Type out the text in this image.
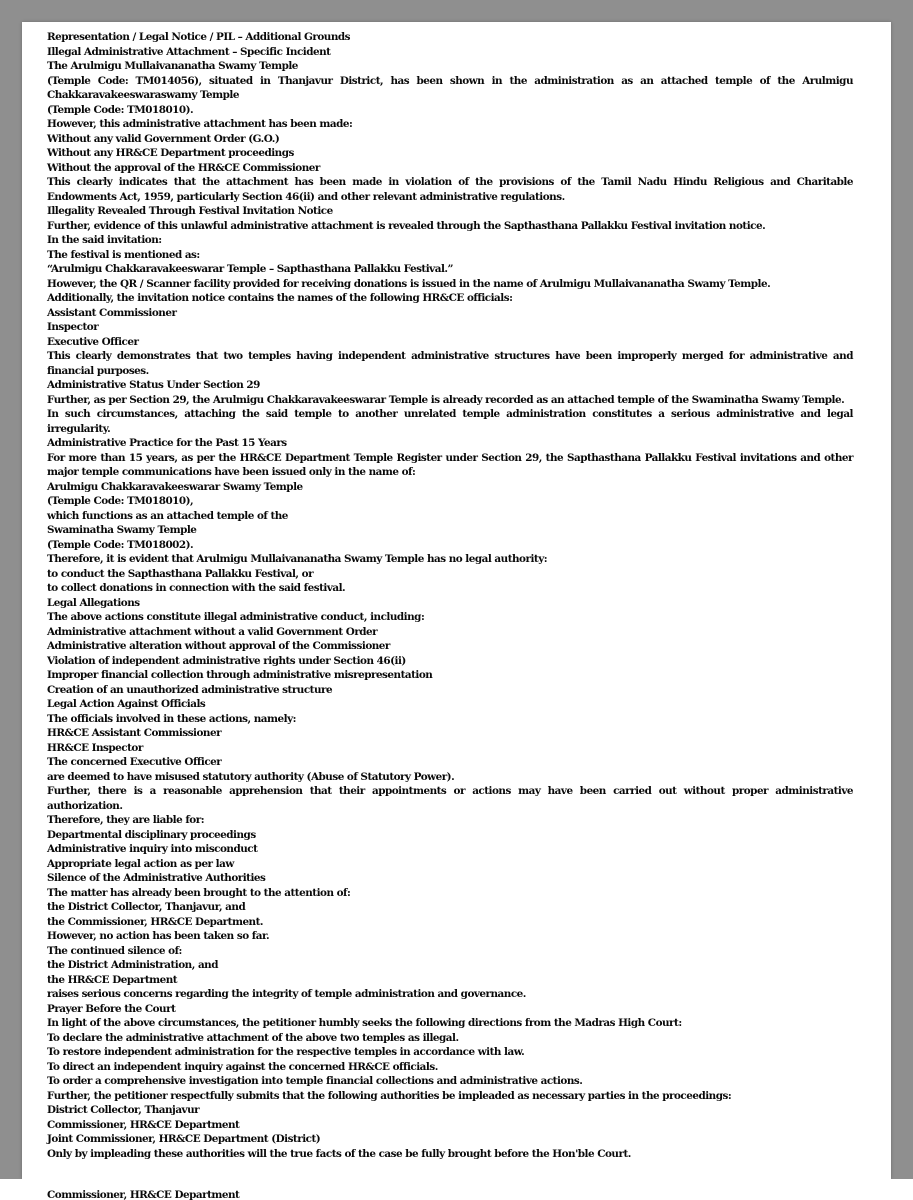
Representation / Legal Notice / PIL – Additional Grounds

Illegal Administrative Attachment – Specific Incident

The Arulmigu Mullaivananatha Swamy Temple

(Temple Code: TM014056), situated in Thanjavur District, has been shown in the administration as an attached temple of the Arulmigu Chakkaravakeeswaraswamy Temple

(Temple Code: TM018010).

However, this administrative attachment has been made:

Without any valid Government Order (G.O.)

Without any HR&CE Department proceedings

Without the approval of the HR&CE Commissioner

This clearly indicates that the attachment has been made in violation of the provisions of the Tamil Nadu Hindu Religious and Charitable Endowments Act, 1959, particularly Section 46(ii) and other relevant administrative regulations.

Illegality Revealed Through Festival Invitation Notice

Further, evidence of this unlawful administrative attachment is revealed through the Sapthasthana Pallakku Festival invitation notice.

In the said invitation:

The festival is mentioned as:

“Arulmigu Chakkaravakeeswarar Temple – Sapthasthana Pallakku Festival.”

However, the QR / Scanner facility provided for receiving donations is issued in the name of Arulmigu Mullaivananatha Swamy Temple.

Additionally, the invitation notice contains the names of the following HR&CE officials:

Assistant Commissioner

Inspector

Executive Officer

This clearly demonstrates that two temples having independent administrative structures have been improperly merged for administrative and financial purposes.

Administrative Status Under Section 29

Further, as per Section 29, the Arulmigu Chakkaravakeeswarar Temple is already recorded as an attached temple of the Swaminatha Swamy Temple.

In such circumstances, attaching the said temple to another unrelated temple administration constitutes a serious administrative and legal irregularity.

Administrative Practice for the Past 15 Years

For more than 15 years, as per the HR&CE Department Temple Register under Section 29, the Sapthasthana Pallakku Festival invitations and other major temple communications have been issued only in the name of:

Arulmigu Chakkaravakeeswarar Swamy Temple

(Temple Code: TM018010),

which functions as an attached temple of the

Swaminatha Swamy Temple

(Temple Code: TM018002).

Therefore, it is evident that Arulmigu Mullaivananatha Swamy Temple has no legal authority:

to conduct the Sapthasthana Pallakku Festival, or

to collect donations in connection with the said festival.

Legal Allegations

The above actions constitute illegal administrative conduct, including:

Administrative attachment without a valid Government Order

Administrative alteration without approval of the Commissioner

Violation of independent administrative rights under Section 46(ii)

Improper financial collection through administrative misrepresentation

Creation of an unauthorized administrative structure

Legal Action Against Officials

The officials involved in these actions, namely:

HR&CE Assistant Commissioner

HR&CE Inspector

The concerned Executive Officer

are deemed to have misused statutory authority (Abuse of Statutory Power).

Further, there is a reasonable apprehension that their appointments or actions may have been carried out without proper administrative authorization.

Therefore, they are liable for:

Departmental disciplinary proceedings

Administrative inquiry into misconduct

Appropriate legal action as per law

Silence of the Administrative Authorities

The matter has already been brought to the attention of:

the District Collector, Thanjavur, and

the Commissioner, HR&CE Department.

However, no action has been taken so far.

The continued silence of:

the District Administration, and

the HR&CE Department

raises serious concerns regarding the integrity of temple administration and governance.

Prayer Before the Court

In light of the above circumstances, the petitioner humbly seeks the following directions from the Madras High Court:

To declare the administrative attachment of the above two temples as illegal.

To restore independent administration for the respective temples in accordance with law.

To direct an independent inquiry against the concerned HR&CE officials.

To order a comprehensive investigation into temple financial collections and administrative actions.

Further, the petitioner respectfully submits that the following authorities be impleaded as necessary parties in the proceedings:

District Collector, Thanjavur

Commissioner, HR&CE Department

Joint Commissioner, HR&CE Department (District)

Only by impleading these authorities will the true facts of the case be fully brought before the Hon'ble Court.

Commissioner, HR&CE Department
